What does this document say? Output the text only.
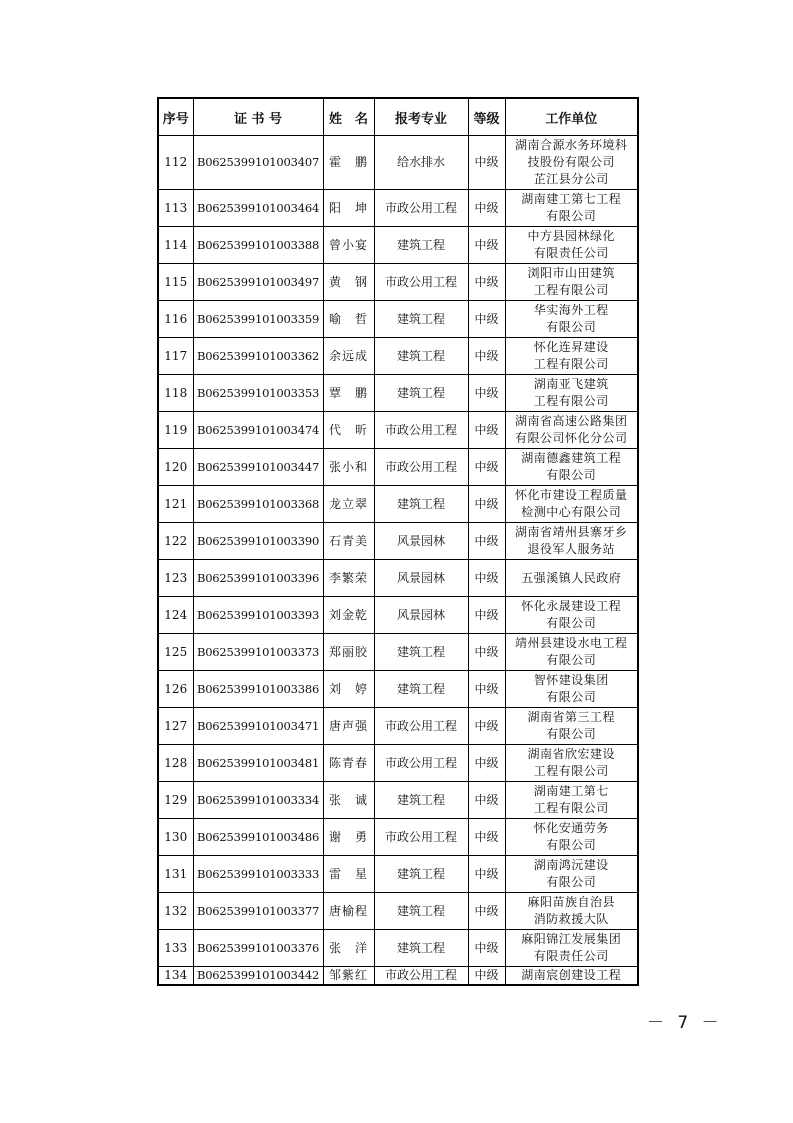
序号	证 书 号	姓　名	报考专业	等级	工作单位
112	B0625399101003407	霍　鹏	给水排水	中级	湖南合源水务环境科
技股份有限公司
芷江县分公司

113	B0625399101003464	阳　坤	市政公用工程	中级	湖南建工第七工程
有限公司

114	B0625399101003388	曾小宴	建筑工程	中级	中方县园林绿化
有限责任公司

115	B0625399101003497	黄　钢	市政公用工程	中级	浏阳市山田建筑
工程有限公司

116	B0625399101003359	喻　哲	建筑工程	中级	华实海外工程
有限公司

117	B0625399101003362	余远成	建筑工程	中级	怀化连昇建设
工程有限公司

118	B0625399101003353	覃　鹏	建筑工程	中级	湖南亚飞建筑
工程有限公司

119	B0625399101003474	代　昕	市政公用工程	中级	湖南省高速公路集团
有限公司怀化分公司

120	B0625399101003447	张小和	市政公用工程	中级	湖南德鑫建筑工程
有限公司

121	B0625399101003368	龙立翠	建筑工程	中级	怀化市建设工程质量
检测中心有限公司

122	B0625399101003390	石青美	风景园林	中级	湖南省靖州县寨牙乡
退役军人服务站

123	B0625399101003396	李繁荣	风景园林	中级	五强溪镇人民政府

124	B0625399101003393	刘金乾	风景园林	中级	怀化永晟建设工程
有限公司

125	B0625399101003373	郑丽胶	建筑工程	中级	靖州县建设水电工程
有限公司

126	B0625399101003386	刘　婷	建筑工程	中级	智怀建设集团
有限公司

127	B0625399101003471	唐声强	市政公用工程	中级	湖南省第三工程
有限公司

128	B0625399101003481	陈青春	市政公用工程	中级	湖南省欣宏建设
工程有限公司

129	B0625399101003334	张　诚	建筑工程	中级	湖南建工第七
工程有限公司

130	B0625399101003486	谢　勇	市政公用工程	中级	怀化安通劳务
有限公司

131	B0625399101003333	雷　星	建筑工程	中级	湖南鸿沅建设
有限公司

132	B0625399101003377	唐榆程	建筑工程	中级	麻阳苗族自治县
消防救援大队

133	B0625399101003376	张　洋	建筑工程	中级	麻阳锦江发展集团
有限责任公司

134	B0625399101003442	邹紫红	市政公用工程	中级	湖南宸创建设工程
－ 7 －
